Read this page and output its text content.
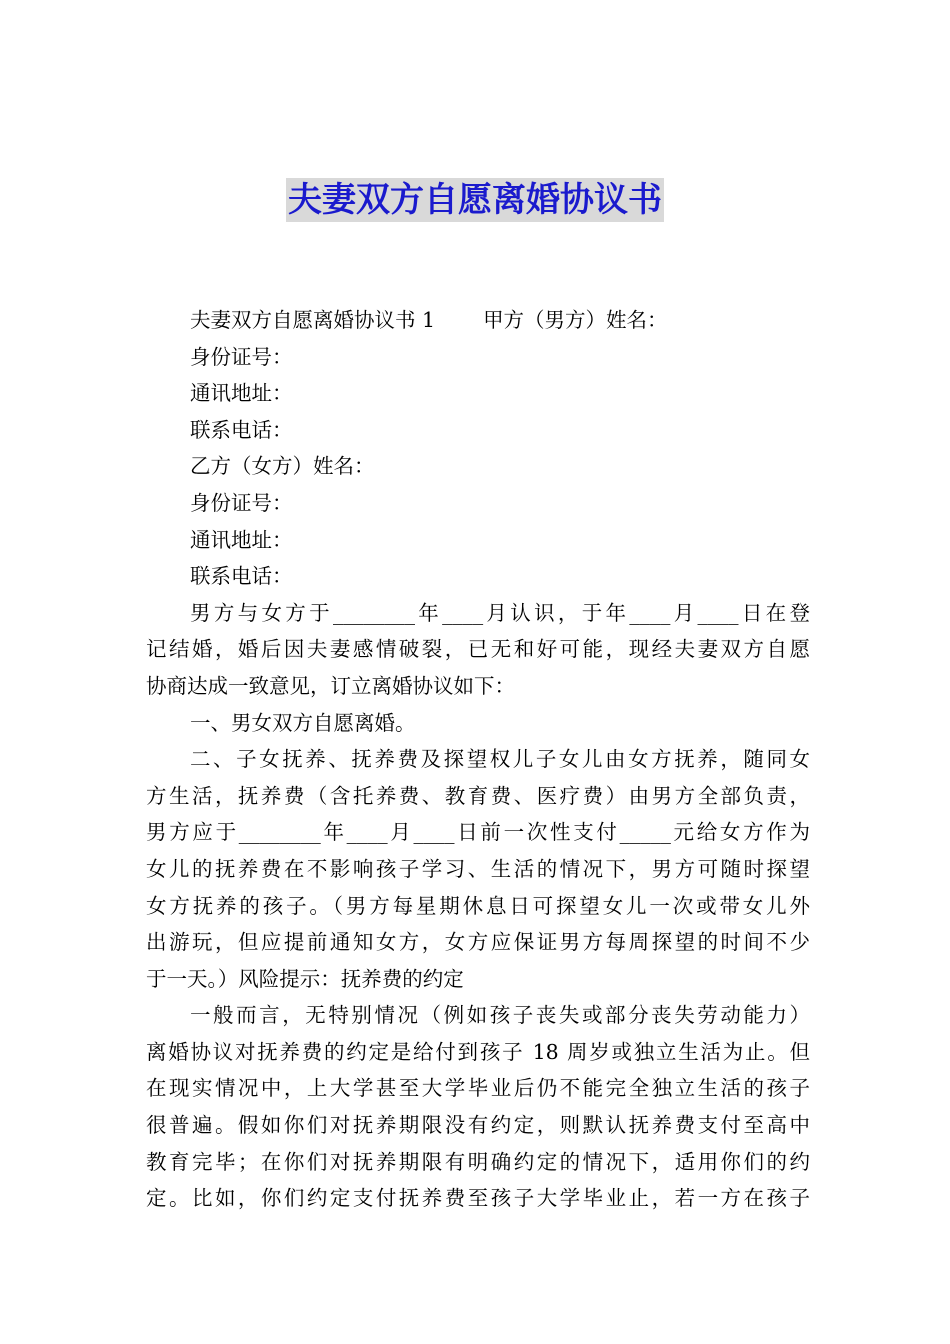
夫妻双方自愿离婚协议书
夫妻双方自愿离婚协议书 1 甲方（男方）姓名：
身份证号：
通讯地址：
联系电话：
乙方（女方）姓名：
身份证号：
通讯地址：
联系电话：
男方与女方于________年____月认识，于年____月____日在登
记结婚，婚后因夫妻感情破裂，已无和好可能，现经夫妻双方自愿
协商达成一致意见，订立离婚协议如下：
一、男女双方自愿离婚。
二、子女抚养、抚养费及探望权儿子女儿由女方抚养，随同女
方生活，抚养费（含托养费、教育费、医疗费）由男方全部负责，
男方应于________年____月____日前一次性支付_____元给女方作为
女儿的抚养费在不影响孩子学习、生活的情况下，男方可随时探望
女方抚养的孩子。（男方每星期休息日可探望女儿一次或带女儿外
出游玩，但应提前通知女方，女方应保证男方每周探望的时间不少
于一天。）风险提示：抚养费的约定
一般而言，无特别情况（例如孩子丧失或部分丧失劳动能力）
离婚协议对抚养费的约定是给付到孩子 18 周岁或独立生活为止。但
在现实情况中，上大学甚至大学毕业后仍不能完全独立生活的孩子
很普遍。假如你们对抚养期限没有约定，则默认抚养费支付至高中
教育完毕；在你们对抚养期限有明确约定的情况下，适用你们的约
定。比如，你们约定支付抚养费至孩子大学毕业止，若一方在孩子
